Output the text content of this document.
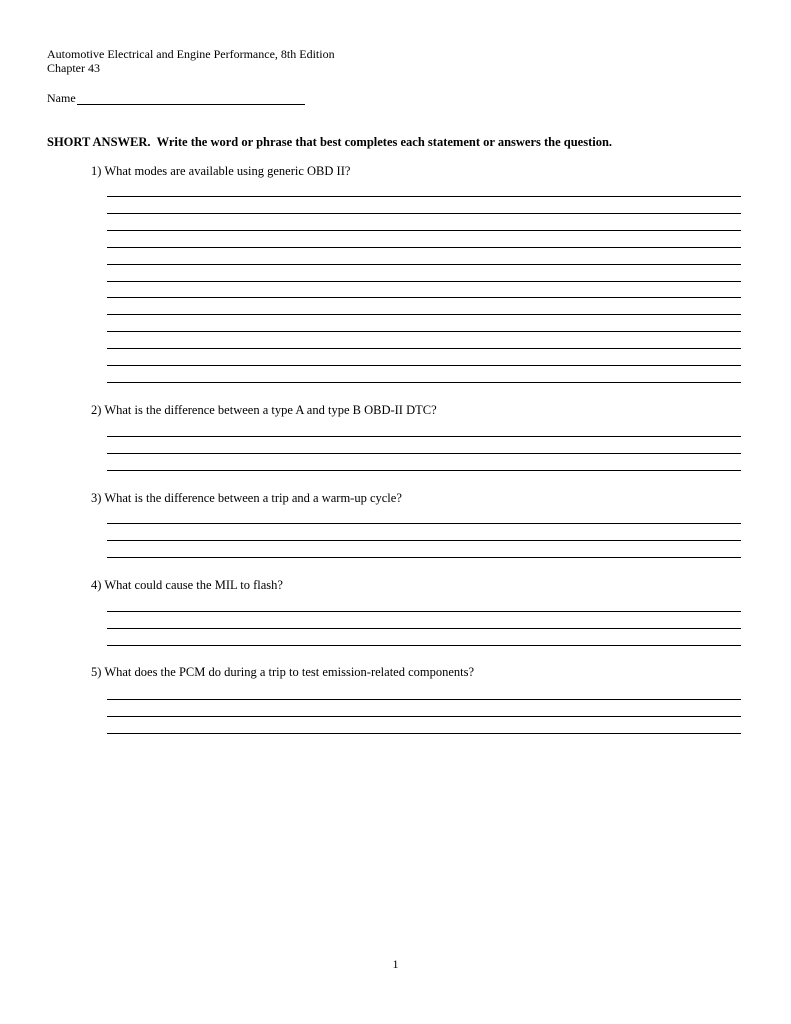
Automotive Electrical and Engine Performance, 8th Edition
Chapter 43
Name
SHORT ANSWER. Write the word or phrase that best completes each statement or answers the question.
1) What modes are available using generic OBD II?
2) What is the difference between a type A and type B OBD-II DTC?
3) What is the difference between a trip and a warm-up cycle?
4) What could cause the MIL to flash?
5) What does the PCM do during a trip to test emission-related components?
1
